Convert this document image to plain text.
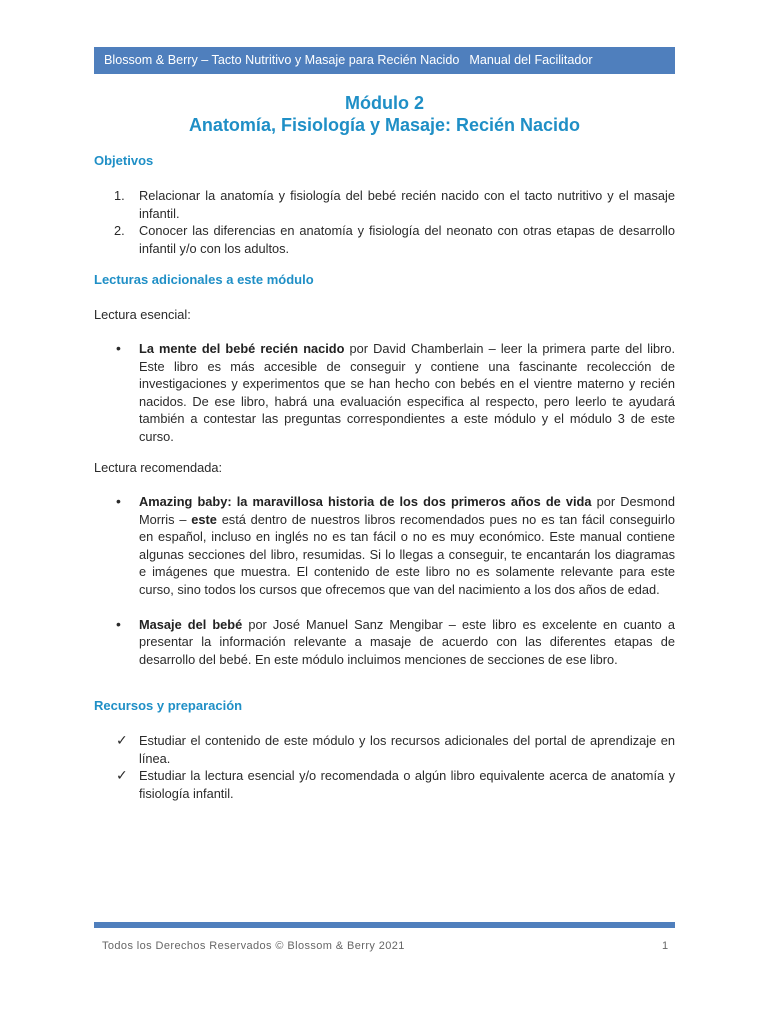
Blossom & Berry – Tacto Nutritivo y Masaje para Recién Nacido Manual del Facilitador
Módulo 2
Anatomía, Fisiología y Masaje: Recién Nacido
Objetivos
1.	Relacionar la anatomía y fisiología del bebé recién nacido con el tacto nutritivo y el masaje infantil.
2.	Conocer las diferencias en anatomía y fisiología del neonato con otras etapas de desarrollo infantil y/o con los adultos.
Lecturas adicionales a este módulo
Lectura esencial:
•	La mente del bebé recién nacido por David Chamberlain – leer la primera parte del libro. Este libro es más accesible de conseguir y contiene una fascinante recolección de investigaciones y experimentos que se han hecho con bebés en el vientre materno y recién nacidos. De ese libro, habrá una evaluación especifica al respecto, pero leerlo te ayudará también a contestar las preguntas correspondientes a este módulo y el módulo 3 de este curso.
Lectura recomendada:
•	Amazing baby: la maravillosa historia de los dos primeros años de vida por Desmond Morris – este está dentro de nuestros libros recomendados pues no es tan fácil conseguirlo en español, incluso en inglés no es tan fácil o no es muy económico. Este manual contiene algunas secciones del libro, resumidas. Si lo llegas a conseguir, te encantarán los diagramas e imágenes que muestra. El contenido de este libro no es solamente relevante para este curso, sino todos los cursos que ofrecemos que van del nacimiento a los dos años de edad.
•	Masaje del bebé por José Manuel Sanz Mengibar – este libro es excelente en cuanto a presentar la información relevante a masaje de acuerdo con las diferentes etapas de desarrollo del bebé. En este módulo incluimos menciones de secciones de ese libro.
Recursos y preparación
✓ Estudiar el contenido de este módulo y los recursos adicionales del portal de aprendizaje en línea.
✓ Estudiar la lectura esencial y/o recomendada o algún libro equivalente acerca de anatomía y fisiología infantil.
Todos los Derechos Reservados © Blossom & Berry 2021	1
